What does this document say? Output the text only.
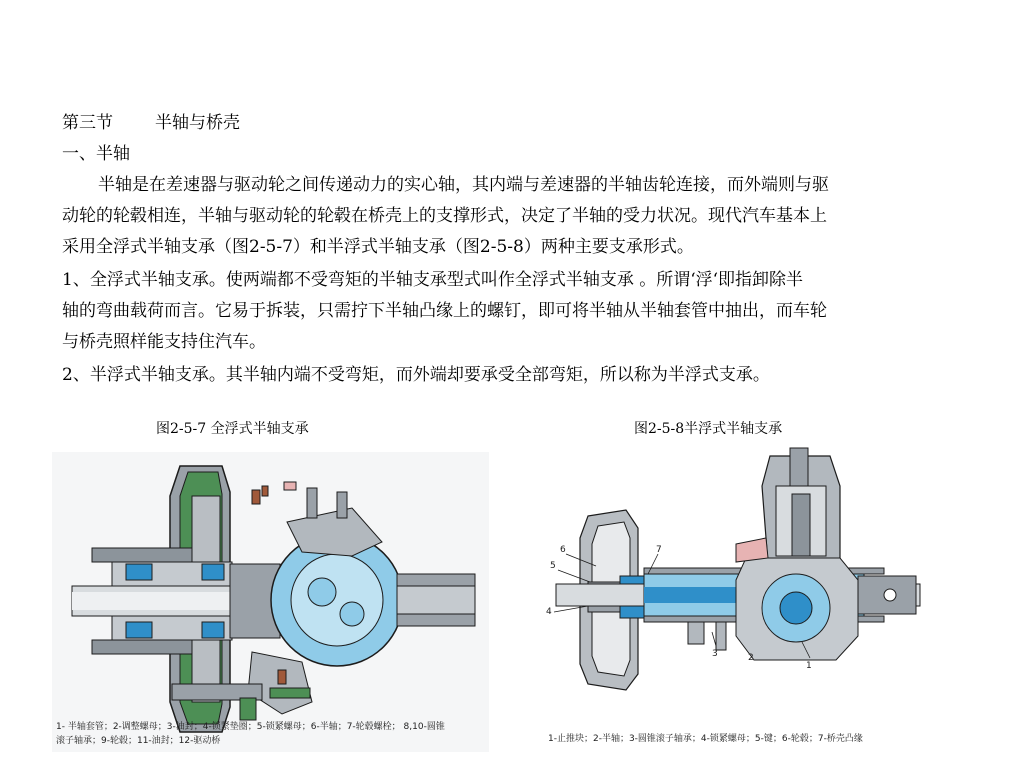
第三节 半轴与桥壳
一、半轴
半轴是在差速器与驱动轮之间传递动力的实心轴，其内端与差速器的半轴齿轮连接，而外端则与驱
动轮的轮毂相连，半轴与驱动轮的轮毂在桥壳上的支撑形式，决定了半轴的受力状况。现代汽车基本上
采用全浮式半轴支承（图2-5-7）和半浮式半轴支承（图2-5-8）两种主要支承形式。
1、全浮式半轴支承。使两端都不受弯矩的半轴支承型式叫作全浮式半轴支承 。所谓‘浮‘即指卸除半
轴的弯曲载荷而言。它易于拆装，只需拧下半轴凸缘上的螺钉，即可将半轴从半轴套管中抽出，而车轮
与桥壳照样能支持住汽车。
2、半浮式半轴支承。其半轴内端不受弯矩，而外端却要承受全部弯矩，所以称为半浮式支承。
图2-5-7 全浮式半轴支承	图2-5-8半浮式半轴支承
1- 半轴套管；2-调整螺母；3-油封；4-锁紧垫圈；5-锁紧螺母；6-半轴；7-轮毂螺栓； 8,10-圆锥
滚子轴承；9-轮毂；11-油封；12-驱动桥
6
5
4
7
3	2
1
1-止推块；2-半轴；3-圆锥滚子轴承；4-锁紧螺母；5-键；6-轮毂；7-桥壳凸缘
